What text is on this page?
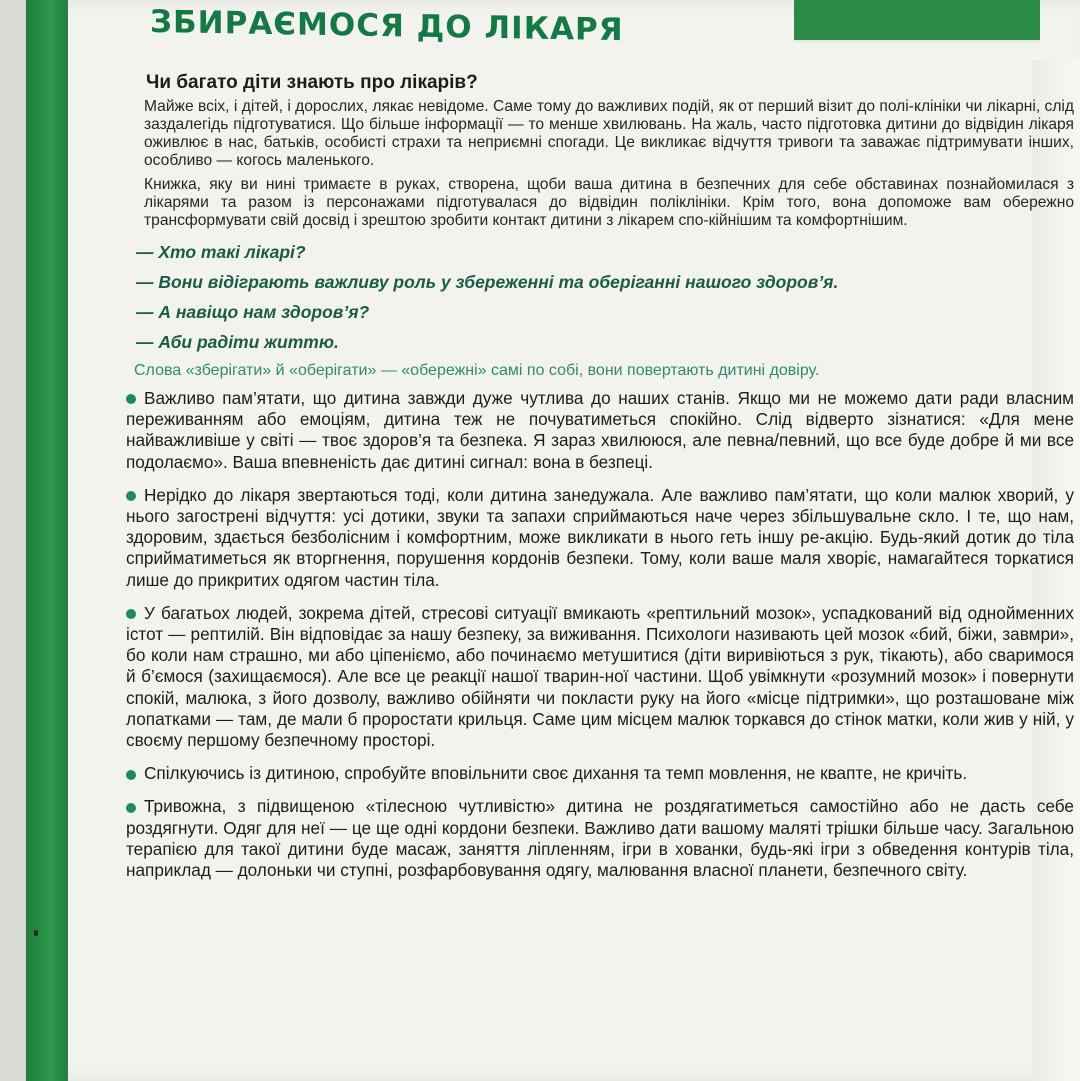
ЗБИРАЄМОСЯ ДО ЛІКАРЯ
Чи багато діти знають про лікарів?

Майже всіх, і дітей, і дорослих, лякає невідоме. Саме тому до важливих подій, як от перший візит до полі-клініки чи лікарні, слід заздалегідь підготуватися. Що більше інформації — то менше хвилювань. На жаль, часто підготовка дитини до відвідин лікаря оживлює в нас, батьків, особисті страхи та неприємні спогади. Це викликає відчуття тривоги та заважає підтримувати інших, особливо — когось маленького.

Книжка, яку ви нині тримаєте в руках, створена, щоби ваша дитина в безпечних для себе обставинах познайомилася з лікарями та разом із персонажами підготувалася до відвідин поліклініки. Крім того, вона допоможе вам обережно трансформувати свій досвід і зрештою зробити контакт дитини з лікарем спо-кійнішим та комфортнішим.

— Хто такі лікарі?
— Вони відіграють важливу роль у збереженні та оберіганні нашого здоров’я.
— А навіщо нам здоров’я?
— Аби радіти життю.
Слова «зберігати» й «оберігати» — «обережні» самі по собі, вони повертають дитині довіру.
Важливо пам’ятати, що дитина завжди дуже чутлива до наших станів. Якщо ми не можемо дати ради власним переживанням або емоціям, дитина теж не почуватиметься спокійно. Слід відверто зізнатися: «Для мене найважливіше у світі — твоє здоров’я та безпека. Я зараз хвилююся, але певна/певний, що все буде добре й ми все подолаємо». Ваша впевненість дає дитині сигнал: вона в безпеці.
Нерідко до лікаря звертаються тоді, коли дитина занедужала. Але важливо пам’ятати, що коли малюк хворий, у нього загострені відчуття: усі дотики, звуки та запахи сприймаються наче через збільшувальне скло. І те, що нам, здоровим, здається безболісним і комфортним, може викликати в нього геть іншу ре-акцію. Будь-який дотик до тіла сприйматиметься як вторгнення, порушення кордонів безпеки. Тому, коли ваше маля хворіє, намагайтеся торкатися лише до прикритих одягом частин тіла.
У багатьох людей, зокрема дітей, стресові ситуації вмикають «рептильний мозок», успадкований від однойменних істот — рептилій. Він відповідає за нашу безпеку, за виживання. Психологи називають цей мозок «бий, біжи, завмри», бо коли нам страшно, ми або ціпеніємо, або починаємо метушитися (діти виривіються з рук, тікають), або сваримося й б’ємося (захищаємося). Але все це реакції нашої тварин-ної частини. Щоб увімкнути «розумний мозок» і повернути спокій, малюка, з його дозволу, важливо обійняти чи покласти руку на його «місце підтримки», що розташоване між лопатками — там, де мали б проростати крильця. Саме цим місцем малюк торкався до стінок матки, коли жив у ній, у своєму першому безпечному просторі.
Спілкуючись із дитиною, спробуйте вповільнити своє дихання та темп мовлення, не квапте, не кричіть.
Тривожна, з підвищеною «тілесною чутливістю» дитина не роздягатиметься самостійно або не дасть себе роздягнути. Одяг для неї — це ще одні кордони безпеки. Важливо дати вашому маляті трішки більше часу. Загальною терапією для такої дитини буде масаж, заняття ліпленням, ігри в хованки, будь-які ігри з обведення контурів тіла, наприклад — долоньки чи ступні, розфарбовування одягу, малювання власної планети, безпечного світу.
